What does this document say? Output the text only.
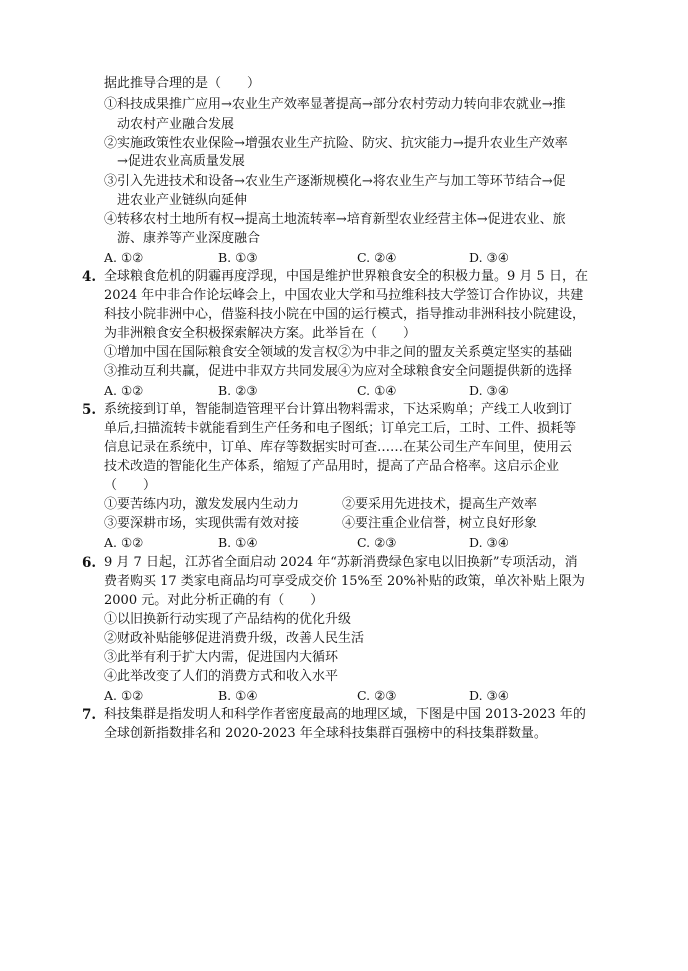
据此推导合理的是（　　）
①科技成果推广应用→农业生产效率显著提高→部分农村劳动力转向非农就业→推
动农村产业融合发展
②实施政策性农业保险→增强农业生产抗险、防灾、抗灾能力→提升农业生产效率
→促进农业高质量发展
③引入先进技术和设备→农业生产逐渐规模化→将农业生产与加工等环节结合→促
进农业产业链纵向延伸
④转移农村土地所有权→提高土地流转率→培育新型农业经营主体→促进农业、旅
游、康养等产业深度融合
A. ①②	B. ①③	C. ②④	D. ③④
4. 全球粮食危机的阴霾再度浮现，中国是维护世界粮食安全的积极力量。9 月 5 日，在
2024 年中非合作论坛峰会上，中国农业大学和马拉维科技大学签订合作协议，共建
科技小院非洲中心，借鉴科技小院在中国的运行模式，指导推动非洲科技小院建设，
为非洲粮食安全积极探索解决方案。此举旨在（　　）
①增加中国在国际粮食安全领域的发言权②为中非之间的盟友关系奠定坚实的基础
③推动互利共赢，促进中非双方共同发展④为应对全球粮食安全问题提供新的选择
A. ①②	B. ②③	C. ①④	D. ③④
5. 系统接到订单，智能制造管理平台计算出物料需求，下达采购单；产线工人收到订
单后,扫描流转卡就能看到生产任务和电子图纸；订单完工后，工时、工件、损耗等
信息记录在系统中，订单、库存等数据实时可查……在某公司生产车间里，使用云
技术改造的智能化生产体系，缩短了产品用时，提高了产品合格率。这启示企业
（　　）
①要苦练内功，激发发展内生动力	②要采用先进技术，提高生产效率
③要深耕市场，实现供需有效对接	④要注重企业信誉，树立良好形象
A. ①②	B. ①④	C. ②③	D. ③④
6. 9 月 7 日起，江苏省全面启动 2024 年“苏新消费绿色家电以旧换新”专项活动，消
费者购买 17 类家电商品均可享受成交价 15%至 20%补贴的政策，单次补贴上限为
2000 元。对此分析正确的有（　　）
①以旧换新行动实现了产品结构的优化升级
②财政补贴能够促进消费升级，改善人民生活
③此举有利于扩大内需，促进国内大循环
④此举改变了人们的消费方式和收入水平
A. ①②	B. ①④	C. ②③	D. ③④
7. 科技集群是指发明人和科学作者密度最高的地理区域，下图是中国 2013-2023 年的
全球创新指数排名和 2020-2023 年全球科技集群百强榜中的科技集群数量。
